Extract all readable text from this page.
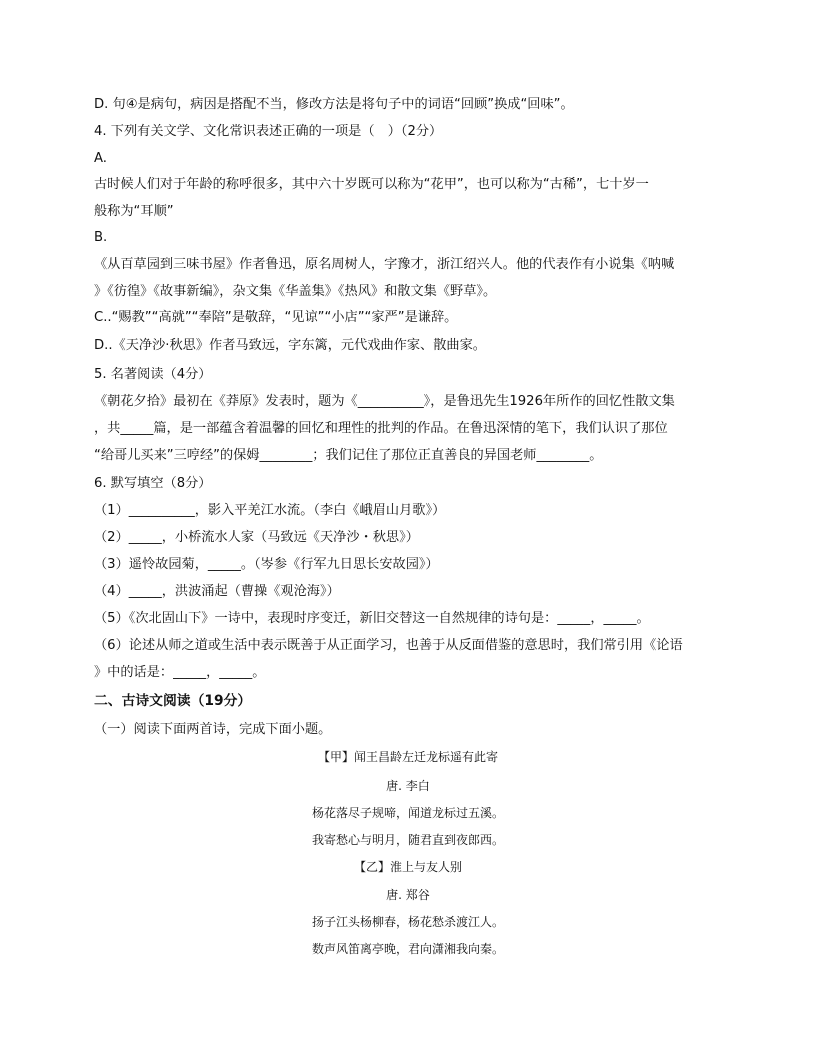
D. 句④是病句，病因是搭配不当，修改方法是将句子中的词语“回顾”换成“回味”。
4. 下列有关文学、文化常识表述正确的一项是（　）（2分）
A.
古时候人们对于年龄的称呼很多，其中六十岁既可以称为“花甲”，也可以称为“古稀”，七十岁一
般称为“耳顺”
B.
《从百草园到三味书屋》作者鲁迅，原名周树人，字豫才，浙江绍兴人。他的代表作有小说集《呐喊
》《彷徨》《故事新编》，杂文集《华盖集》《热风》和散文集《野草》。
C..“赐教”“高就”“奉陪”是敬辞，“见谅”“小店”“家严”是谦辞。
D..《天净沙·秋思》作者马致远，字东篱，元代戏曲作家、散曲家。
5. 名著阅读（4分）
《朝花夕拾》最初在《莽原》发表时，题为《__________》，是鲁迅先生1926年所作的回忆性散文集
，共_____篇，是一部蕴含着温馨的回忆和理性的批判的作品。在鲁迅深情的笔下，我们认识了那位
“给哥儿买来”三哼经”的保姆________；我们记住了那位正直善良的异国老师________。
6. 默写填空（8分）
（1）__________，影入平羌江水流。（李白《峨眉山月歌》）
（2）_____，小桥流水人家（马致远《天净沙・秋思》）
（3）遥怜故园菊，_____。（岑参《行军九日思长安故园》）
（4）_____，洪波涌起（曹操《观沧海》）
（5）《次北固山下》一诗中，表现时序变迁，新旧交替这一自然规律的诗句是：_____，_____。
（6）论述从师之道或生活中表示既善于从正面学习，也善于从反面借鉴的意思时，我们常引用《论语
》中的话是：_____，_____。
二、古诗文阅读（19分）
（一）阅读下面两首诗，完成下面小题。
【甲】闻王昌龄左迁龙标遥有此寄
唐. 李白
杨花落尽子规啼，闻道龙标过五溪。
我寄愁心与明月，随君直到夜郎西。
【乙】淮上与友人别
唐. 郑谷
扬子江头杨柳春，杨花愁杀渡江人。
数声风笛离亭晚，君向潇湘我向秦。
